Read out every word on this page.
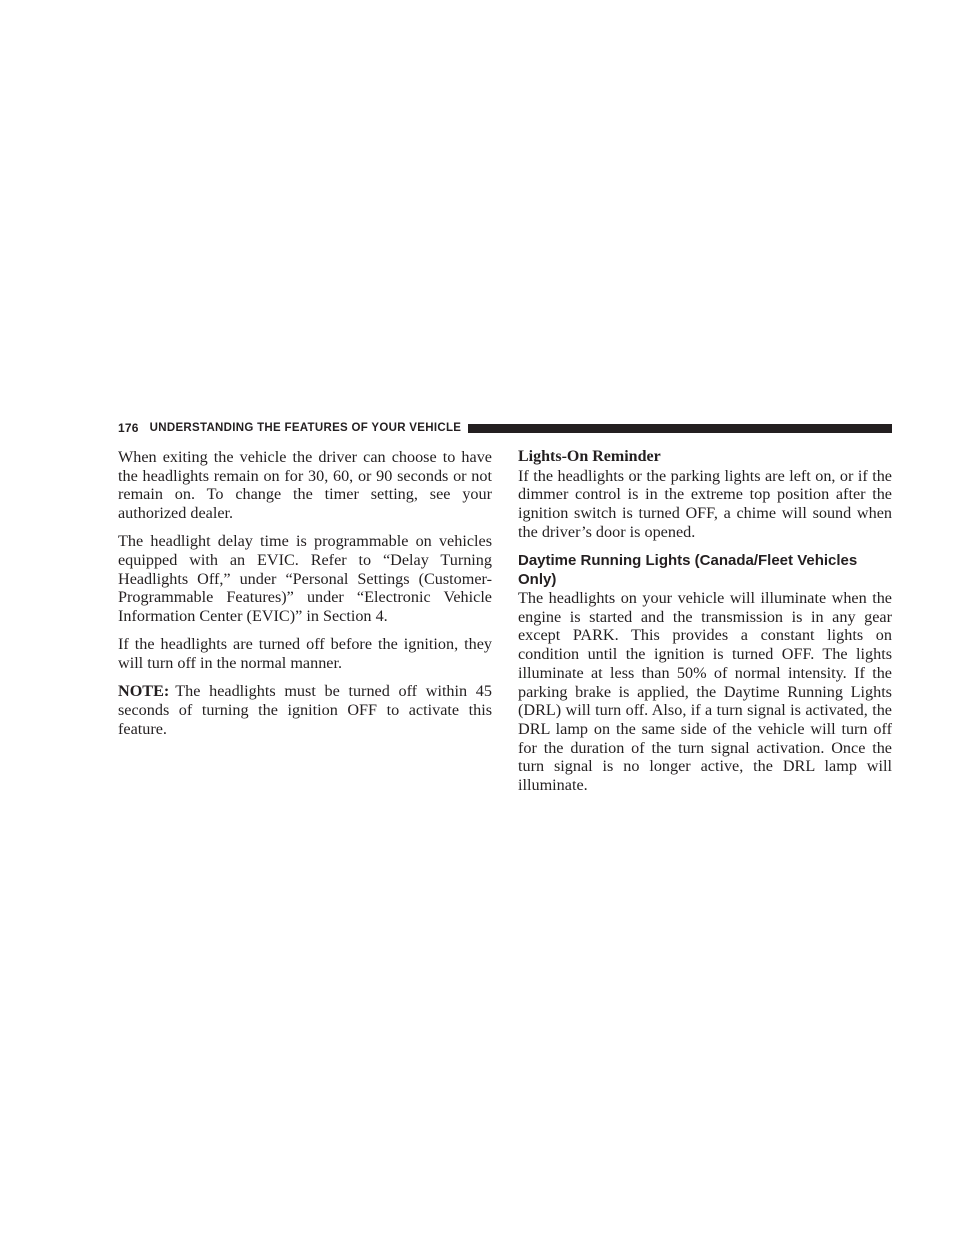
176 UNDERSTANDING THE FEATURES OF YOUR VEHICLE

When exiting the vehicle the driver can choose to have the headlights remain on for 30, 60, or 90 seconds or not remain on. To change the timer setting, see your authorized dealer.

The headlight delay time is programmable on vehicles equipped with an EVIC. Refer to “Delay Turning Headlights Off,” under “Personal Settings (Customer-Programmable Features)” under “Electronic Vehicle Information Center (EVIC)” in Section 4.

If the headlights are turned off before the ignition, they will turn off in the normal manner.

NOTE: The headlights must be turned off within 45 seconds of turning the ignition OFF to activate this feature.

Lights-On Reminder

If the headlights or the parking lights are left on, or if the dimmer control is in the extreme top position after the ignition switch is turned OFF, a chime will sound when the driver’s door is opened.

Daytime Running Lights (Canada/Fleet Vehicles Only)

The headlights on your vehicle will illuminate when the engine is started and the transmission is in any gear except PARK. This provides a constant lights on condition until the ignition is turned OFF. The lights illuminate at less than 50% of normal intensity. If the parking brake is applied, the Daytime Running Lights (DRL) will turn off. Also, if a turn signal is activated, the DRL lamp on the same side of the vehicle will turn off for the duration of the turn signal activation. Once the turn signal is no longer active, the DRL lamp will illuminate.
